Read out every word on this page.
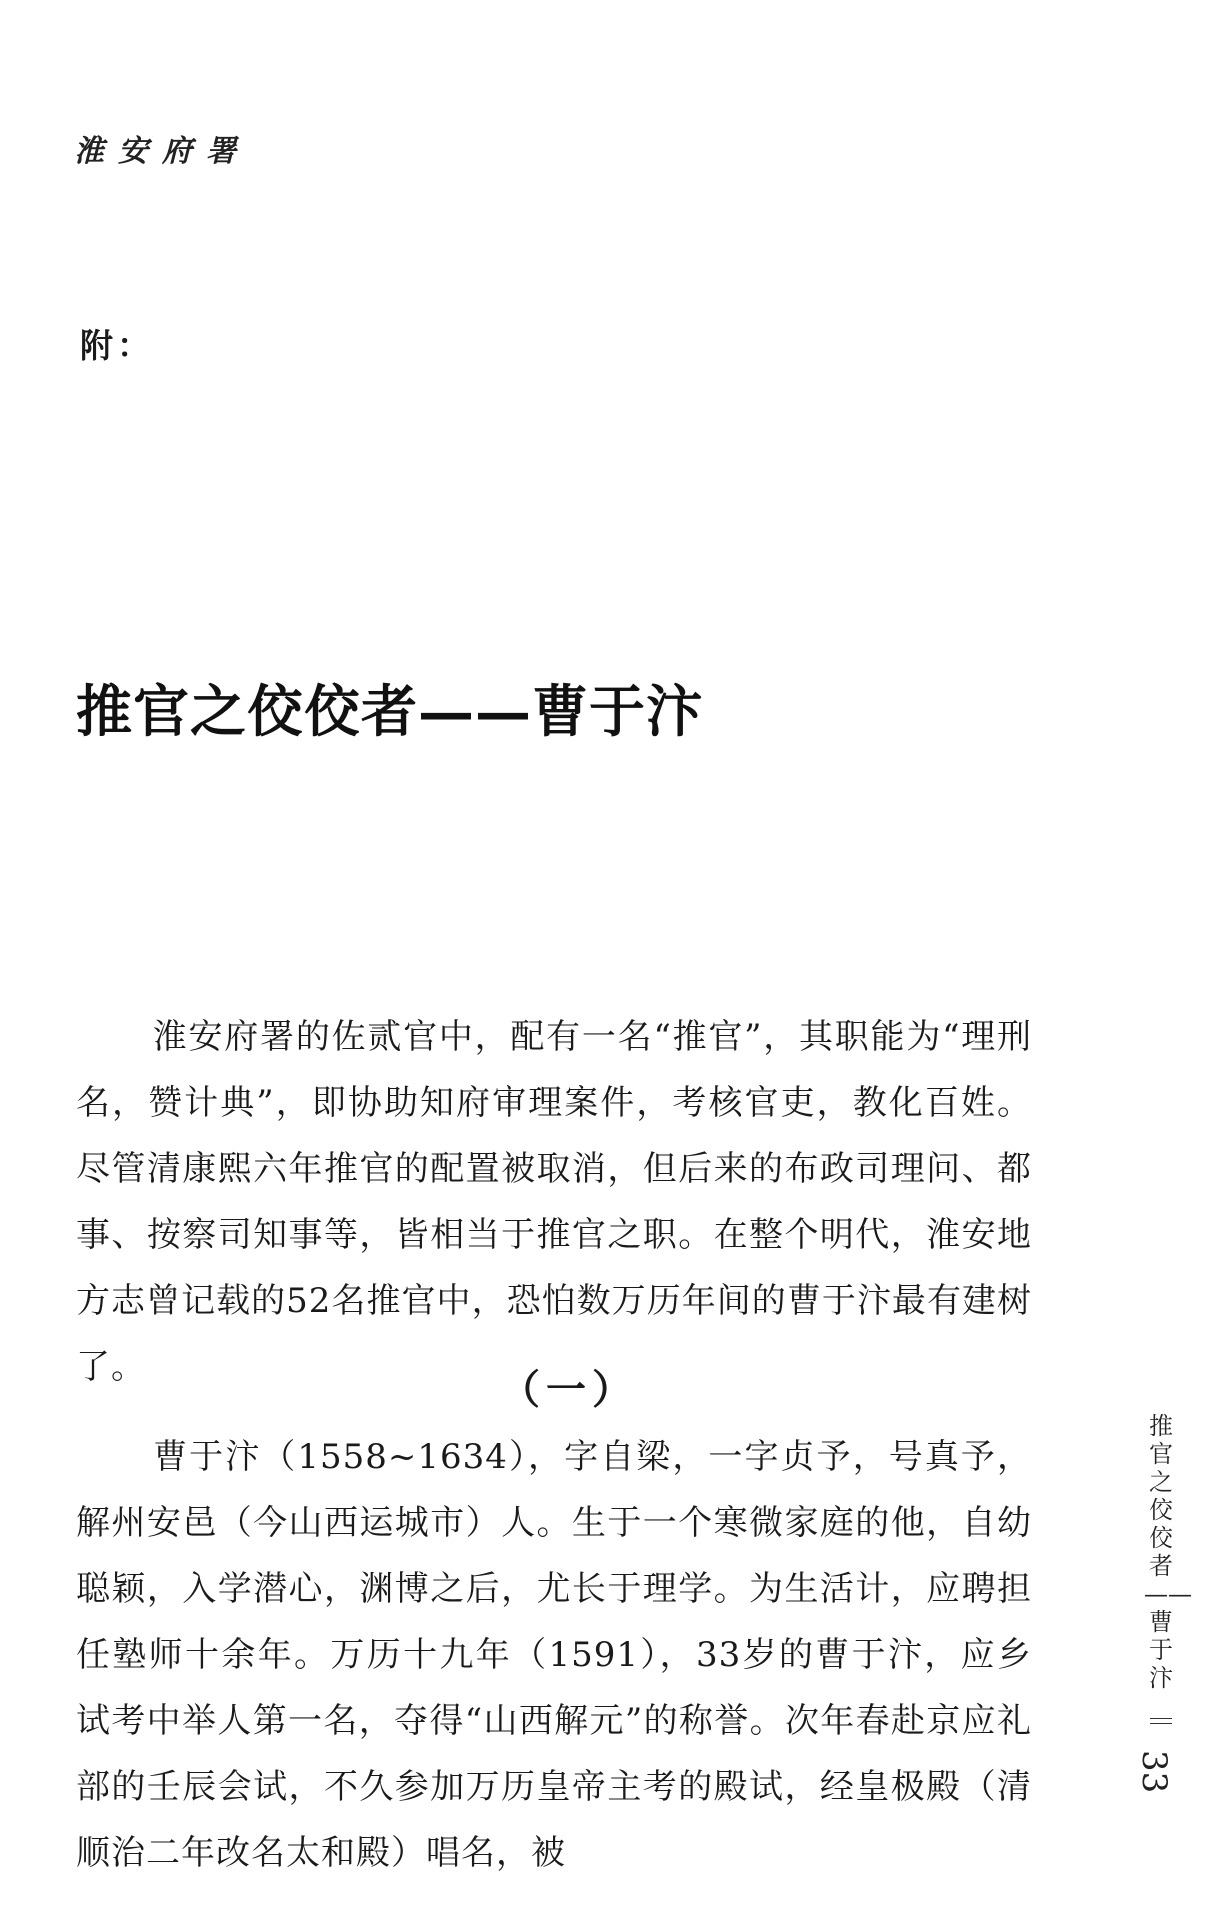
淮安府署
附：
推官之佼佼者——曹于汴

淮安府署的佐贰官中，配有一名“推官”，其职能为“理刑名，赞计典”，即协助知府审理案件，考核官吏，教化百姓。尽管清康熙六年推官的配置被取消，但后来的布政司理问、都事、按察司知事等，皆相当于推官之职。在整个明代，淮安地方志曾记载的52名推官中，恐怕数万历年间的曹于汴最有建树了。	（一）

曹于汴（1558~1634），字自梁，一字贞予，号真予，解州安邑（今山西运城市）人。生于一个寒微家庭的他，自幼聪颖，入学潜心，渊博之后，尤长于理学。为生活计，应聘担任塾师十余年。万历十九年（1591），33岁的曹于汴，应乡试考中举人第一名，夺得“山西解元”的称誉。次年春赴京应礼部的壬辰会试，不久参加万历皇帝主考的殿试，经皇极殿（清顺治二年改名太和殿）唱名，被

推官之佼佼者——曹于汴
33
